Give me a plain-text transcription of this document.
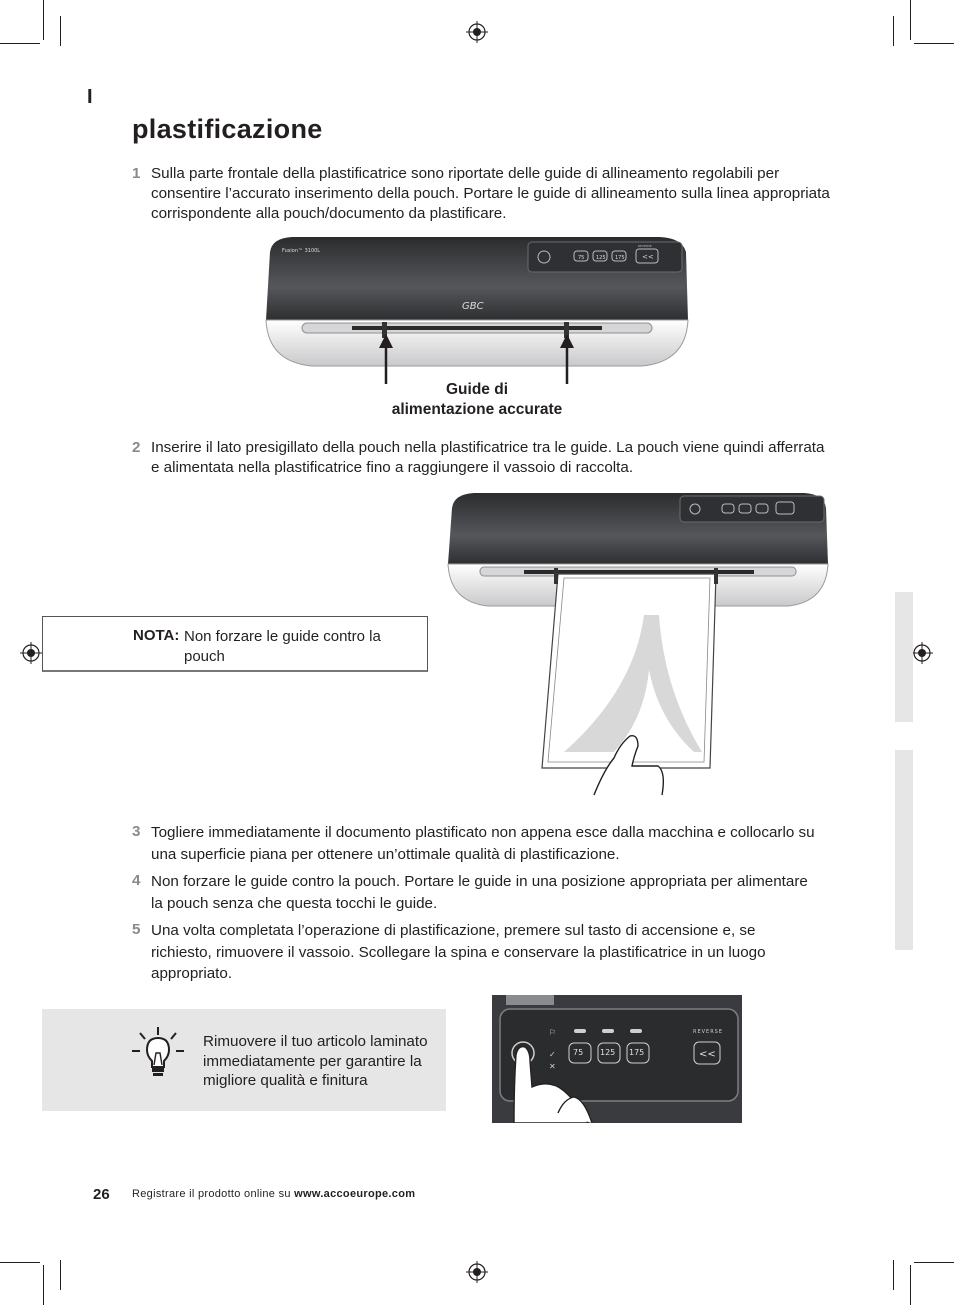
I
plastificazione
1 Sulla parte frontale della plastificatrice sono riportate delle guide di allineamento regolabili per consentire l’accurato inserimento della pouch. Portare le guide di allineamento sulla linea appropriata corrispondente alla pouch/documento da plastificare.
75 125 175 <<
REVERSE
Fusion™ 3100L
GBC
Guide di
alimentazione accurate
2 Inserire il lato presigillato della pouch nella plastificatrice tra le guide. La pouch viene quindi afferrata e alimentata nella plastificatrice fino a raggiungere il vassoio di raccolta.
NOTA: Non forzare le guide contro la pouch
3 Togliere immediatamente il documento plastificato non appena esce dalla macchina e collocarlo su una superficie piana per ottenere un’ottimale qualità di plastificazione.
4 Non forzare le guide contro la pouch. Portare le guide in una posizione appropriata per alimentare la pouch senza che questa tocchi le guide.
5 Una volta completata l’operazione di plastificazione, premere sul tasto di accensione e, se richiesto, rimuovere il vassoio. Scollegare la spina e conservare la plastificatrice in un luogo appropriato.
Rimuovere il tuo articolo laminato immediatamente per garantire la migliore qualità e finitura
⚐
✓
✕
75 125 175
REVERSE
<<
26 Registrare il prodotto online su www.accoeurope.com
